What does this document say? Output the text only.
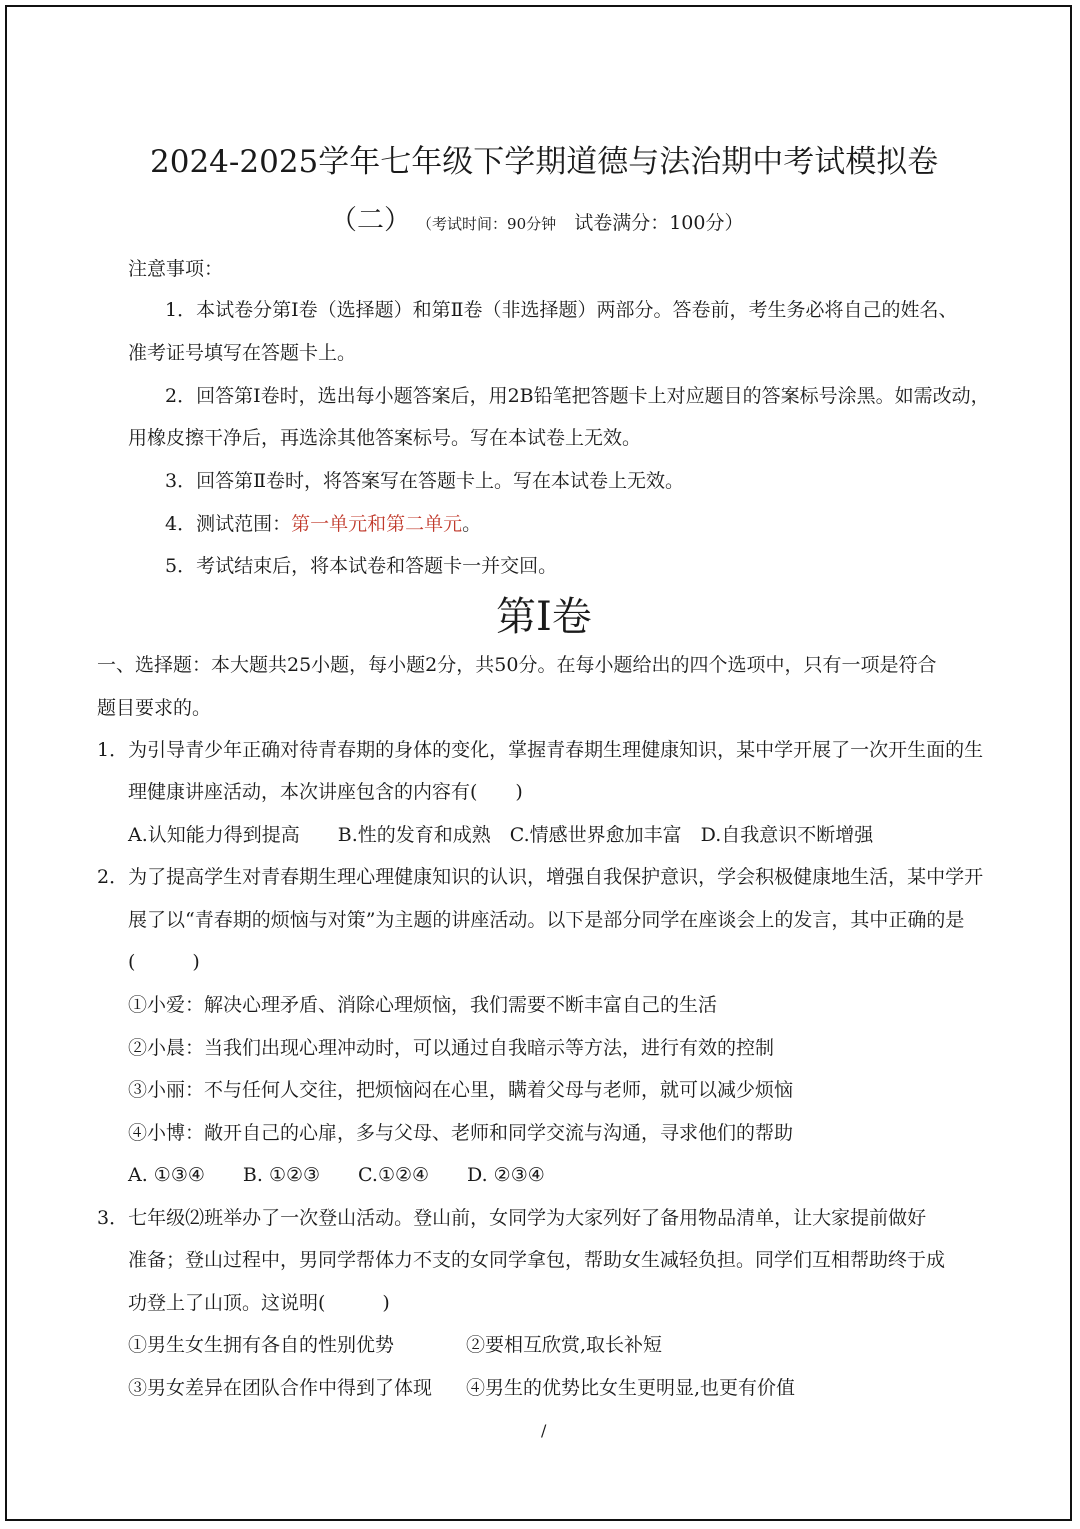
2024-2025学年七年级下学期道德与法治期中考试模拟卷
（二） （考试时间：90分钟 试卷满分：100分）
注意事项：
1．本试卷分第Ⅰ卷（选择题）和第Ⅱ卷（非选择题）两部分。答卷前，考生务必将自己的姓名、
准考证号填写在答题卡上。
2．回答第Ⅰ卷时，选出每小题答案后，用2B铅笔把答题卡上对应题目的答案标号涂黑。如需改动，
用橡皮擦干净后，再选涂其他答案标号。写在本试卷上无效。
3．回答第Ⅱ卷时，将答案写在答题卡上。写在本试卷上无效。
4．测试范围：第一单元和第二单元。
5．考试结束后，将本试卷和答题卡一并交回。
第Ⅰ卷
一、选择题：本大题共25小题，每小题2分，共50分。在每小题给出的四个选项中，只有一项是符合
题目要求的。
1．为引导青少年正确对待青春期的身体的变化，掌握青春期生理健康知识，某中学开展了一次开生面的生
理健康讲座活动，本次讲座包含的内容有(　　)
A.认知能力得到提高　　B.性的发育和成熟　C.情感世界愈加丰富　D.自我意识不断增强
2．为了提高学生对青春期生理心理健康知识的认识，增强自我保护意识，学会积极健康地生活，某中学开
展了以“青春期的烦恼与对策”为主题的讲座活动。以下是部分同学在座谈会上的发言，其中正确的是
(　　　)
①小爱：解决心理矛盾、消除心理烦恼，我们需要不断丰富自己的生活
②小晨：当我们出现心理冲动时，可以通过自我暗示等方法，进行有效的控制
③小丽：不与任何人交往，把烦恼闷在心里，瞒着父母与老师，就可以减少烦恼
④小博：敞开自己的心扉，多与父母、老师和同学交流与沟通，寻求他们的帮助
A. ①③④　　B. ①②③　　C.①②④　　D. ②③④
3．七年级⑵班举办了一次登山活动。登山前，女同学为大家列好了备用物品清单，让大家提前做好
准备；登山过程中，男同学帮体力不支的女同学拿包，帮助女生减轻负担。同学们互相帮助终于成
功登上了山顶。这说明(　　　)
①男生女生拥有各自的性别优势	②要相互欣赏,取长补短
③男女差异在团队合作中得到了体现 ④男生的优势比女生更明显,也更有价值
/
